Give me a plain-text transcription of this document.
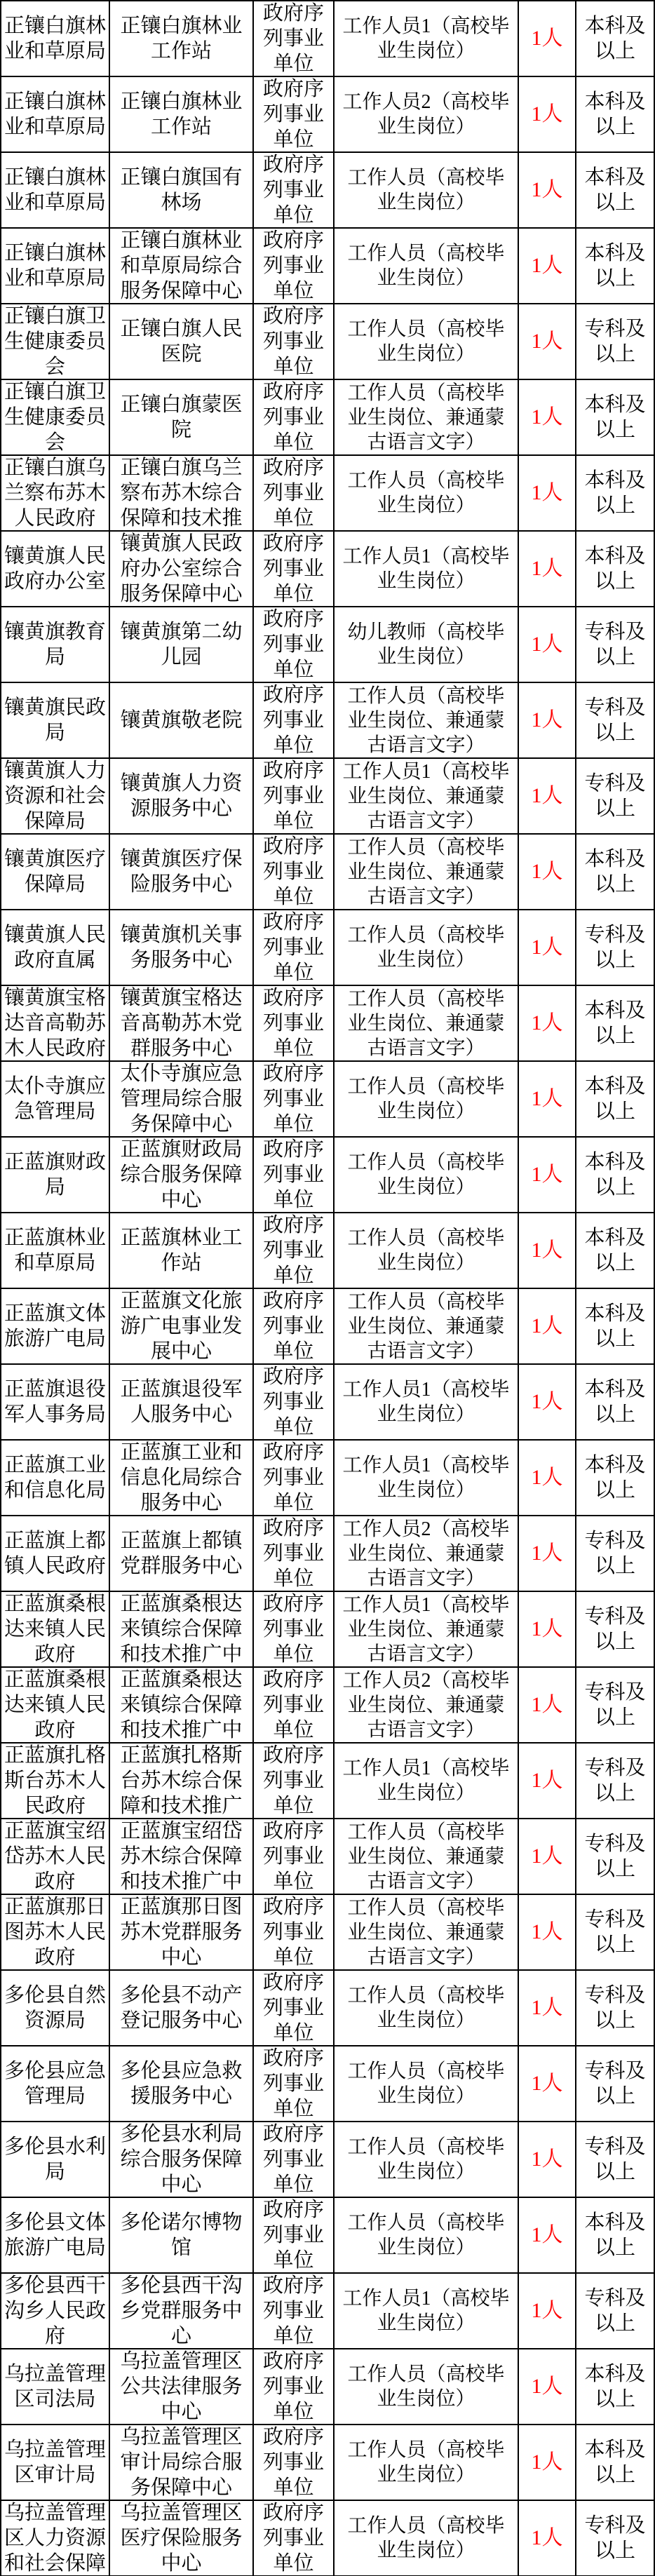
正镶白旗林业和草原局
正镶白旗林业工作站
政府序列事业单位
工作人员1（高校毕业生岗位）
1人
本科及以上
正镶白旗林业和草原局
正镶白旗林业工作站
政府序列事业单位
工作人员2（高校毕业生岗位）
1人
本科及以上
正镶白旗林业和草原局
正镶白旗国有林场
政府序列事业单位
工作人员（高校毕业生岗位）
1人
本科及以上
正镶白旗林业和草原局
正镶白旗林业和草原局综合服务保障中心
政府序列事业单位
工作人员（高校毕业生岗位）
1人
本科及以上
正镶白旗卫生健康委员会
正镶白旗人民医院
政府序列事业单位
工作人员（高校毕业生岗位）
1人
专科及以上
正镶白旗卫生健康委员会
正镶白旗蒙医院
政府序列事业单位
工作人员（高校毕业生岗位、兼通蒙古语言文字）
1人
本科及以上
正镶白旗乌兰察布苏木人民政府
正镶白旗乌兰察布苏木综合保障和技术推
政府序列事业单位
工作人员（高校毕业生岗位）
1人
本科及以上
镶黄旗人民政府办公室
镶黄旗人民政府办公室综合服务保障中心
政府序列事业单位
工作人员1（高校毕业生岗位）
1人
本科及以上
镶黄旗教育局
镶黄旗第二幼儿园
政府序列事业单位
幼儿教师（高校毕业生岗位）
1人
专科及以上
镶黄旗民政局
镶黄旗敬老院
政府序列事业单位
工作人员（高校毕业生岗位、兼通蒙古语言文字）
1人
专科及以上
镶黄旗人力资源和社会保障局
镶黄旗人力资源服务中心
政府序列事业单位
工作人员1（高校毕业生岗位、兼通蒙古语言文字）
1人
专科及以上
镶黄旗医疗保障局
镶黄旗医疗保险服务中心
政府序列事业单位
工作人员（高校毕业生岗位、兼通蒙古语言文字）
1人
本科及以上
镶黄旗人民政府直属
镶黄旗机关事务服务中心
政府序列事业单位
工作人员（高校毕业生岗位）
1人
专科及以上
镶黄旗宝格达音高勒苏木人民政府
镶黄旗宝格达音髙勒苏木党群服务中心
政府序列事业单位
工作人员（高校毕业生岗位、兼通蒙古语言文字）
1人
本科及以上
太仆寺旗应急管理局
太仆寺旗应急管理局综合服务保障中心
政府序列事业单位
工作人员（高校毕业生岗位）
1人
本科及以上
正蓝旗财政局
正蓝旗财政局综合服务保障中心
政府序列事业单位
工作人员（高校毕业生岗位）
1人
本科及以上
正蓝旗林业和草原局
正蓝旗林业工作站
政府序列事业单位
工作人员（高校毕业生岗位）
1人
本科及以上
正蓝旗文体旅游广电局
正蓝旗文化旅游广电事业发展中心
政府序列事业单位
工作人员（高校毕业生岗位、兼通蒙古语言文字）
1人
本科及以上
正蓝旗退役军人事务局
正蓝旗退役军人服务中心
政府序列事业单位
工作人员1（高校毕业生岗位）
1人
本科及以上
正蓝旗工业和信息化局
正蓝旗工业和信息化局综合服务中心
政府序列事业单位
工作人员1（高校毕业生岗位）
1人
本科及以上
正蓝旗上都镇人民政府
正蓝旗上都镇党群服务中心
政府序列事业单位
工作人员2（高校毕业生岗位、兼通蒙古语言文字）
1人
专科及以上
正蓝旗桑根达来镇人民政府
正蓝旗桑根达来镇综合保障和技术推广中
政府序列事业单位
工作人员1（高校毕业生岗位、兼通蒙古语言文字）
1人
专科及以上
正蓝旗桑根达来镇人民政府
正蓝旗桑根达来镇综合保障和技术推广中
政府序列事业单位
工作人员2（高校毕业生岗位、兼通蒙古语言文字）
1人
专科及以上
正蓝旗扎格斯台苏木人民政府
正蓝旗扎格斯台苏木综合保障和技术推广
政府序列事业单位
工作人员1（高校毕业生岗位）
1人
专科及以上
正蓝旗宝绍岱苏木人民政府
正蓝旗宝绍岱苏木综合保障和技术推广中
政府序列事业单位
工作人员（高校毕业生岗位、兼通蒙古语言文字）
1人
专科及以上
正蓝旗那日图苏木人民政府
正蓝旗那日图苏木党群服务中心
政府序列事业单位
工作人员（高校毕业生岗位、兼通蒙古语言文字）
1人
专科及以上
多伦县自然资源局
多伦县不动产登记服务中心
政府序列事业单位
工作人员（高校毕业生岗位）
1人
专科及以上
多伦县应急管理局
多伦县应急救援服务中心
政府序列事业单位
工作人员（高校毕业生岗位）
1人
专科及以上
多伦县水利局
多伦县水利局综合服务保障中心
政府序列事业单位
工作人员（高校毕业生岗位）
1人
专科及以上
多伦县文体旅游广电局
多伦诺尔博物馆
政府序列事业单位
工作人员（高校毕业生岗位）
1人
本科及以上
多伦县西干沟乡人民政府
多伦县西干沟乡党群服务中心
政府序列事业单位
工作人员1（高校毕业生岗位）
1人
专科及以上
乌拉盖管理区司法局
乌拉盖管理区公共法律服务中心
政府序列事业单位
工作人员（高校毕业生岗位）
1人
本科及以上
乌拉盖管理区审计局
乌拉盖管理区审计局综合服务保障中心
政府序列事业单位
工作人员（高校毕业生岗位）
1人
本科及以上
乌拉盖管理区人力资源和社会保障
乌拉盖管理区医疗保险服务中心
政府序列事业单位
工作人员（高校毕业生岗位）
1人
专科及以上
